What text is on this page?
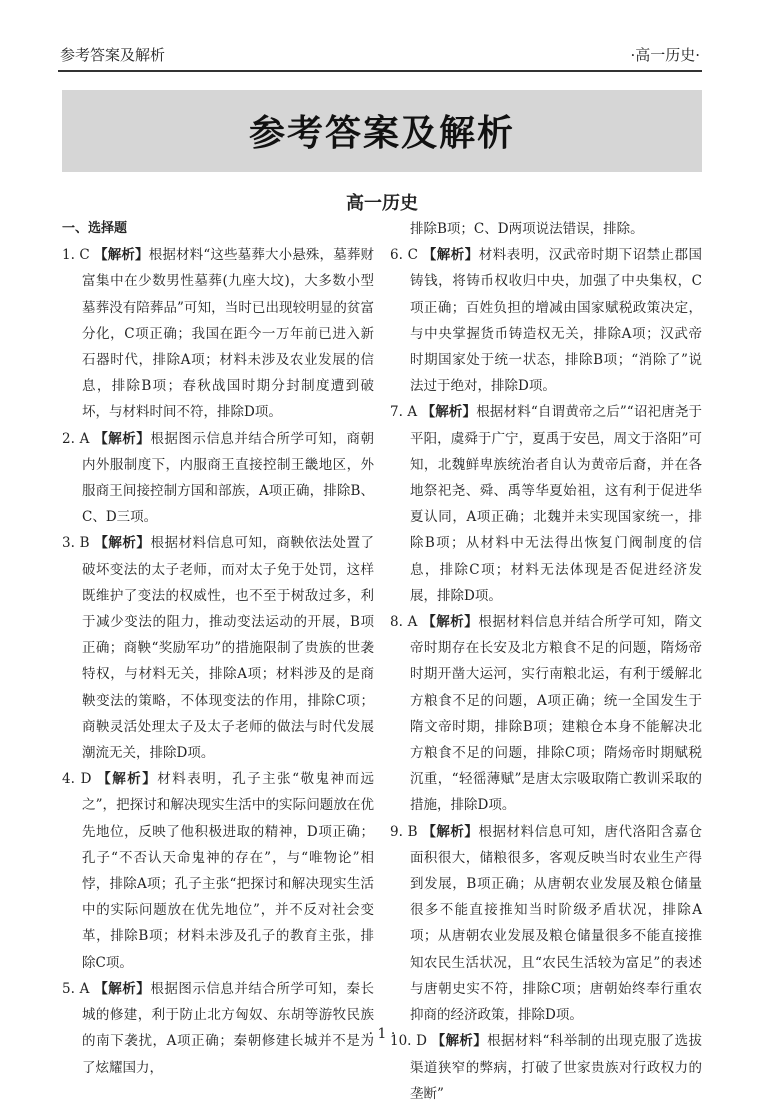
参考答案及解析	·高一历史·
参考答案及解析
高一历史
一、选择题
1. C 【解析】根据材料“这些墓葬大小悬殊，墓葬财富集中在少数男性墓葬(九座大坟)，大多数小型墓葬没有陪葬品”可知，当时已出现较明显的贫富分化，C项正确；我国在距今一万年前已进入新石器时代，排除A项；材料未涉及农业发展的信息，排除B项；春秋战国时期分封制度遭到破坏，与材料时间不符，排除D项。
2. A 【解析】根据图示信息并结合所学可知，商朝内外服制度下，内服商王直接控制王畿地区，外服商王间接控制方国和部族，A项正确，排除B、C、D三项。
3. B 【解析】根据材料信息可知，商鞅依法处置了破坏变法的太子老师，而对太子免于处罚，这样既维护了变法的权威性，也不至于树敌过多，利于减少变法的阻力，推动变法运动的开展，B项正确；商鞅“奖励军功”的措施限制了贵族的世袭特权，与材料无关，排除A项；材料涉及的是商鞅变法的策略，不体现变法的作用，排除C项；商鞅灵活处理太子及太子老师的做法与时代发展潮流无关，排除D项。
4. D 【解析】材料表明，孔子主张“敬鬼神而远之”，把探讨和解决现实生活中的实际问题放在优先地位，反映了他积极进取的精神，D项正确；孔子“不否认天命鬼神的存在”，与“唯物论”相悖，排除A项；孔子主张“把探讨和解决现实生活中的实际问题放在优先地位”，并不反对社会变革，排除B项；材料未涉及孔子的教育主张，排除C项。
5. A 【解析】根据图示信息并结合所学可知，秦长城的修建，利于防止北方匈奴、东胡等游牧民族的南下袭扰，A项正确；秦朝修建长城并不是为了炫耀国力，
排除B项；C、D两项说法错误，排除。
6. C 【解析】材料表明，汉武帝时期下诏禁止郡国铸钱，将铸币权收归中央，加强了中央集权，C项正确；百姓负担的增减由国家赋税政策决定，与中央掌握货币铸造权无关，排除A项；汉武帝时期国家处于统一状态，排除B项；“消除了”说法过于绝对，排除D项。
7. A 【解析】根据材料“自谓黄帝之后”“诏祀唐尧于平阳，虞舜于广宁，夏禹于安邑，周文于洛阳”可知，北魏鲜卑族统治者自认为黄帝后裔，并在各地祭祀尧、舜、禹等华夏始祖，这有利于促进华夏认同，A项正确；北魏并未实现国家统一，排除B项；从材料中无法得出恢复门阀制度的信息，排除C项；材料无法体现是否促进经济发展，排除D项。
8. A 【解析】根据材料信息并结合所学可知，隋文帝时期存在长安及北方粮食不足的问题，隋炀帝时期开凿大运河，实行南粮北运，有利于缓解北方粮食不足的问题，A项正确；统一全国发生于隋文帝时期，排除B项；建粮仓本身不能解决北方粮食不足的问题，排除C项；隋炀帝时期赋税沉重，“轻徭薄赋”是唐太宗吸取隋亡教训采取的措施，排除D项。
9. B 【解析】根据材料信息可知，唐代洛阳含嘉仓面积很大，储粮很多，客观反映当时农业生产得到发展，B项正确；从唐朝农业发展及粮仓储量很多不能直接推知当时阶级矛盾状况，排除A项；从唐朝农业发展及粮仓储量很多不能直接推知农民生活状况，且“农民生活较为富足”的表述与唐朝史实不符，排除C项；唐朝始终奉行重农抑商的经济政策，排除D项。
10. D 【解析】根据材料“科举制的出现克服了选拔渠道狭窄的弊病，打破了世家贵族对行政权力的垄断”
· 1 ·
